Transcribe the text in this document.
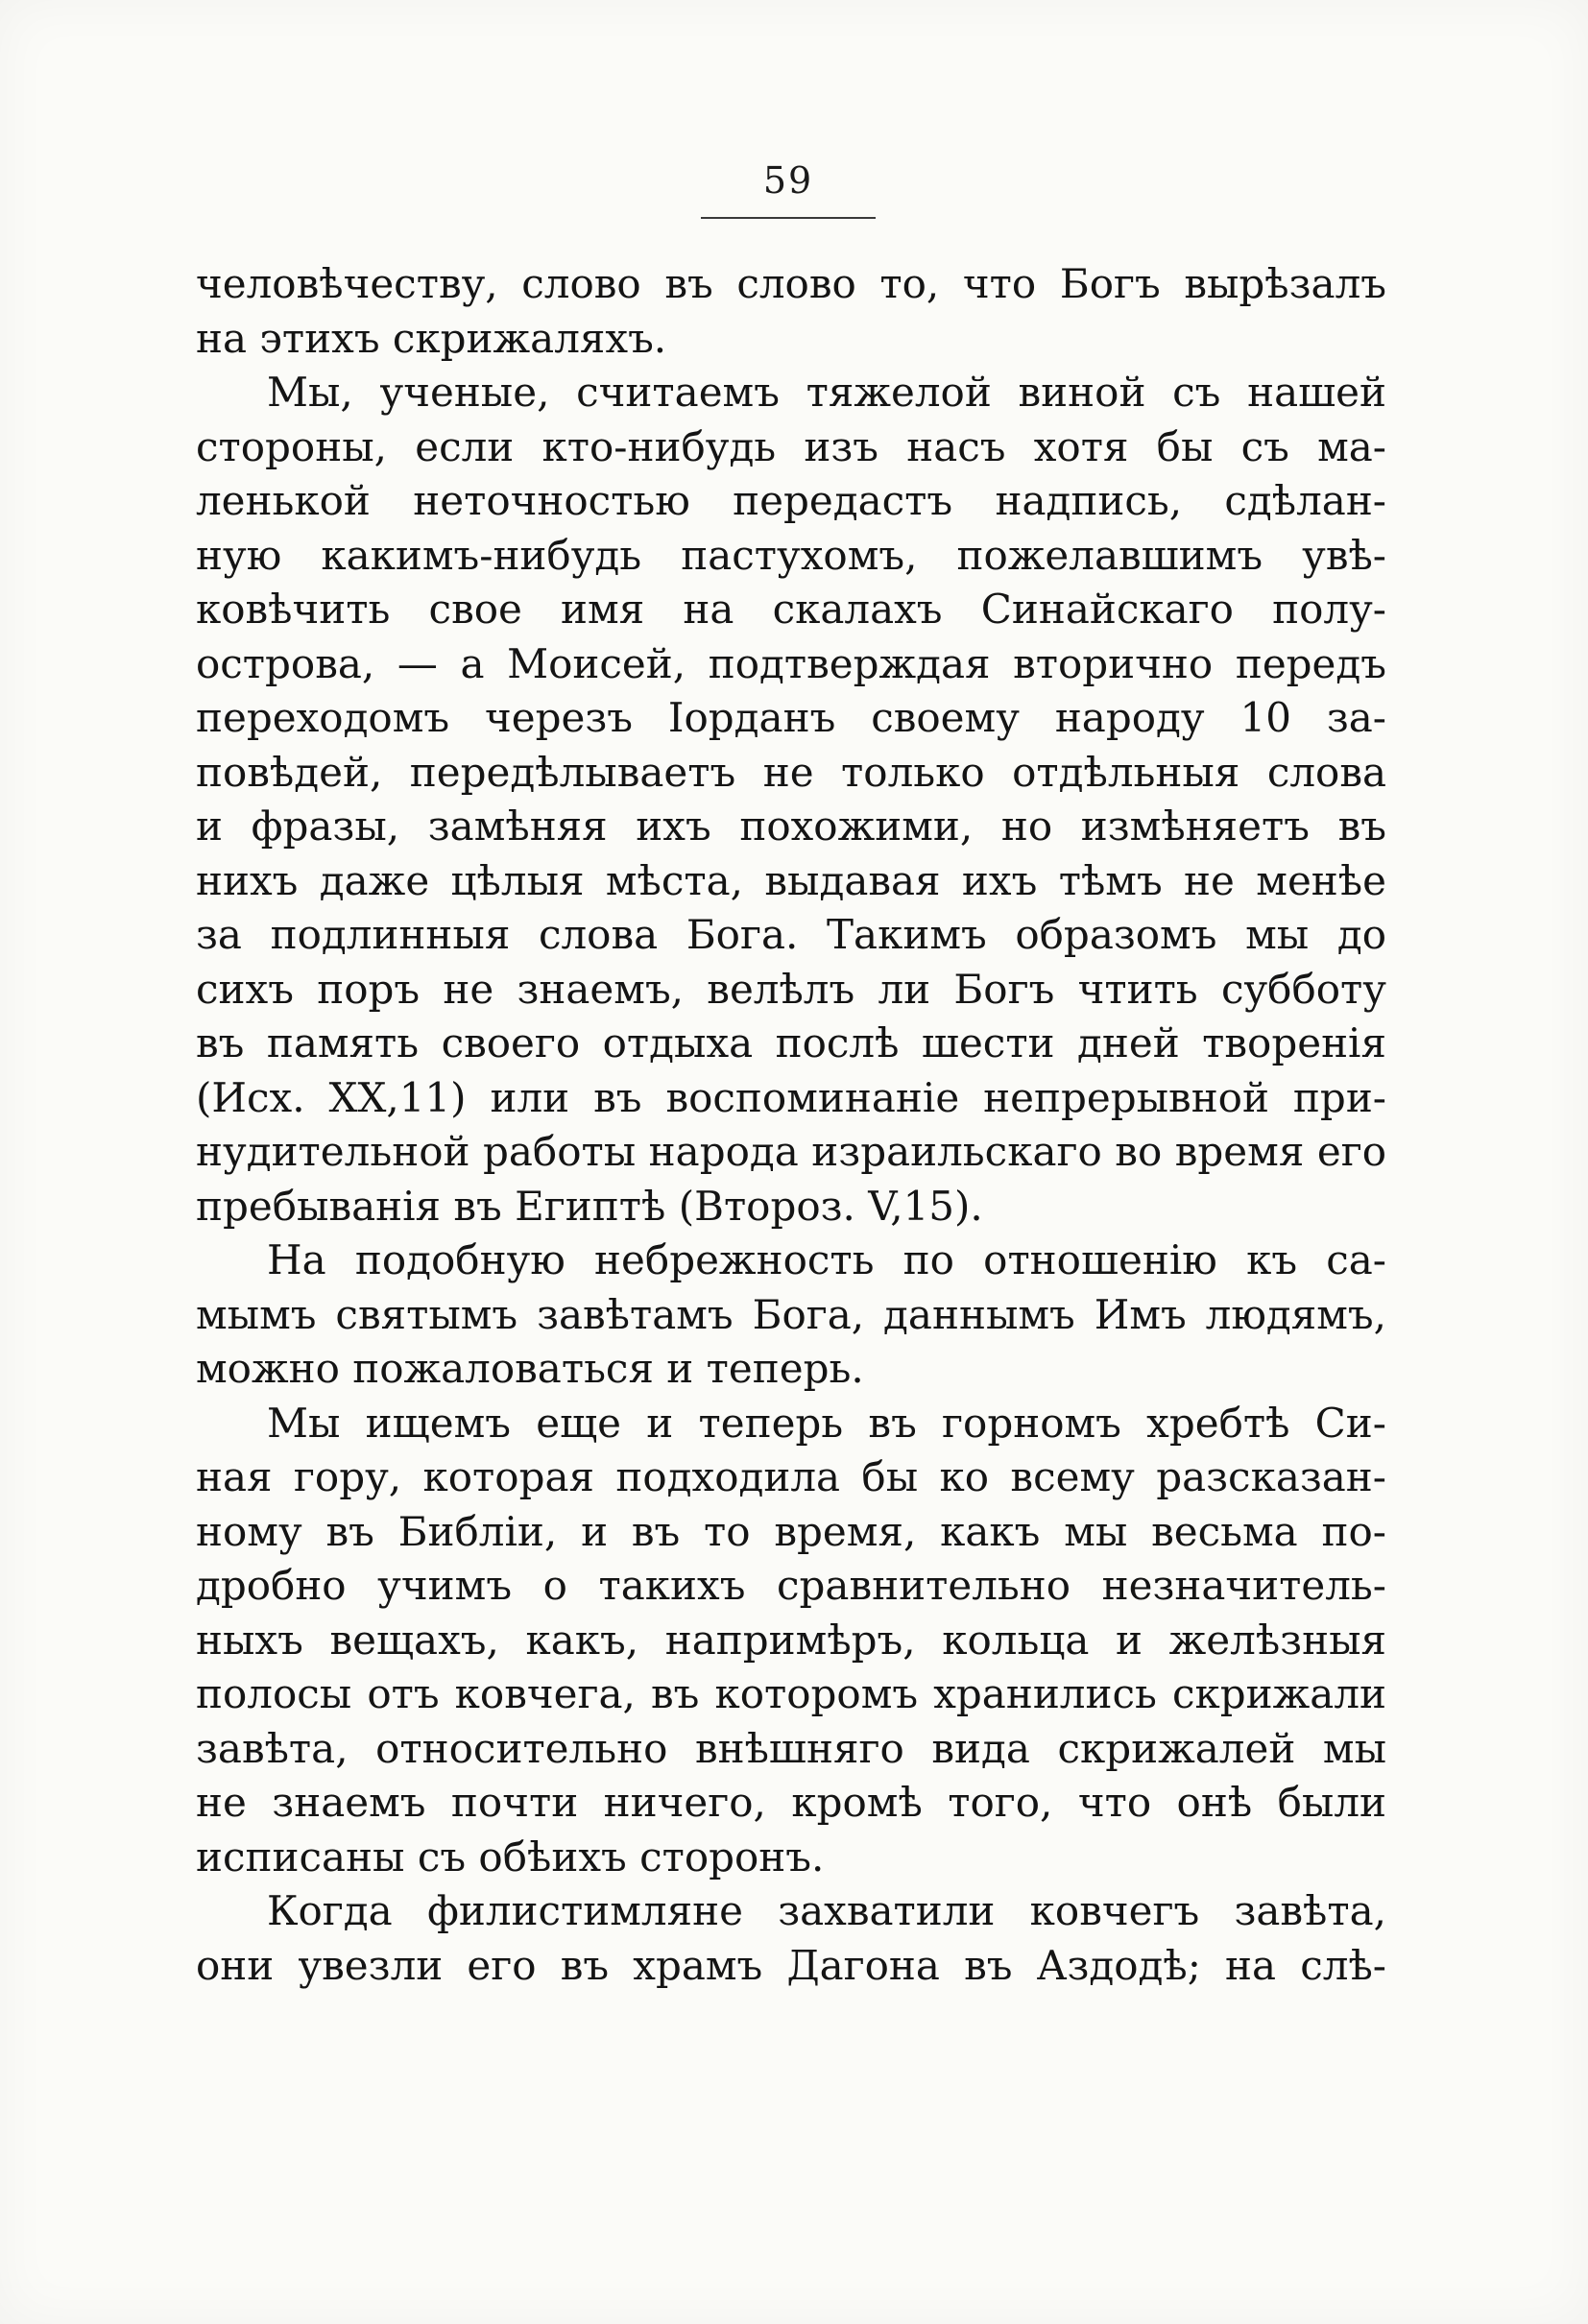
59
человѣчеству, слово въ слово то, что Богъ вырѣзалъ
на этихъ скрижаляхъ.
Мы, ученые, считаемъ тяжелой виной съ нашей
стороны, если кто-нибудь изъ насъ хотя бы съ ма-
ленькой неточностью передастъ надпись, сдѣлан-
ную какимъ-нибудь пастухомъ, пожелавшимъ увѣ-
ковѣчить свое имя на скалахъ Синайскаго полу-
острова, — а Моисей, подтверждая вторично передъ
переходомъ черезъ Іорданъ своему народу 10 за-
повѣдей, передѣлываетъ не только отдѣльныя слова
и фразы, замѣняя ихъ похожими, но измѣняетъ въ
нихъ даже цѣлыя мѣста, выдавая ихъ тѣмъ не менѣе
за подлинныя слова Бога. Такимъ образомъ мы до
сихъ поръ не знаемъ, велѣлъ ли Богъ чтить субботу
въ память своего отдыха послѣ шести дней творенія
(Исх. XX,11) или въ воспоминаніе непрерывной при-
нудительной работы народа израильскаго во время его
пребыванія въ Египтѣ (Второз. V,15).
На подобную небрежность по отношенію къ са-
мымъ святымъ завѣтамъ Бога, даннымъ Имъ людямъ,
можно пожаловаться и теперь.
Мы ищемъ еще и теперь въ горномъ хребтѣ Си-
ная гору, которая подходила бы ко всему разсказан-
ному въ Библіи, и въ то время, какъ мы весьма по-
дробно учимъ о такихъ сравнительно незначитель-
ныхъ вещахъ, какъ, напримѣръ, кольца и желѣзныя
полосы отъ ковчега, въ которомъ хранились скрижали
завѣта, относительно внѣшняго вида скрижалей мы
не знаемъ почти ничего, кромѣ того, что онѣ были
исписаны съ обѣихъ сторонъ.
Когда филистимляне захватили ковчегъ завѣта,
они увезли его въ храмъ Дагона въ Аздодѣ; на слѣ-
